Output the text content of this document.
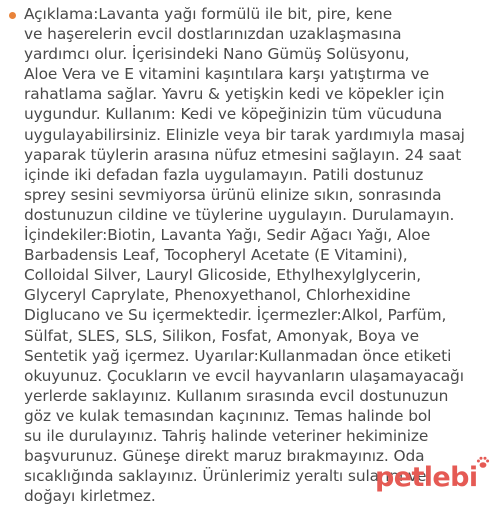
Açıklama:Lavanta yağı formülü ile bit, pire, kene
ve haşerelerin evcil dostlarınızdan uzaklaşmasına
yardımcı olur. İçerisindeki Nano Gümüş Solüsyonu,
Aloe Vera ve E vitamini kaşıntılara karşı yatıştırma ve
rahatlama sağlar. Yavru & yetişkin kedi ve köpekler için
uygundur. Kullanım: Kedi ve köpeğinizin tüm vücuduna
uygulayabilirsiniz. Elinizle veya bir tarak yardımıyla masaj
yaparak tüylerin arasına nüfuz etmesini sağlayın. 24 saat
içinde iki defadan fazla uygulamayın. Patili dostunuz
sprey sesini sevmiyorsa ürünü elinize sıkın, sonrasında
dostunuzun cildine ve tüylerine uygulayın. Durulamayın.
İçindekiler:Biotin, Lavanta Yağı, Sedir Ağacı Yağı, Aloe
Barbadensis Leaf, Tocopheryl Acetate (E Vitamini),
Colloidal Silver, Lauryl Glicoside, Ethylhexylglycerin,
Glyceryl Caprylate, Phenoxyethanol, Chlorhexidine
Diglucano ve Su içermektedir. İçermezler:Alkol, Parfüm,
Sülfat, SLES, SLS, Silikon, Fosfat, Amonyak, Boya ve
Sentetik yağ içermez. Uyarılar:Kullanmadan önce etiketi
okuyunuz. Çocukların ve evcil hayvanların ulaşamayacağı
yerlerde saklayınız. Kullanım sırasında evcil dostunuzun
göz ve kulak temasından kaçınınız. Temas halinde bol
su ile durulayınız. Tahriş halinde veteriner hekiminize
başvurunuz. Güneşe direkt maruz bırakmayınız. Oda
sıcaklığında saklayınız. Ürünlerimiz yeraltı sularını ve
doğayı kirletmez.

petlebi
